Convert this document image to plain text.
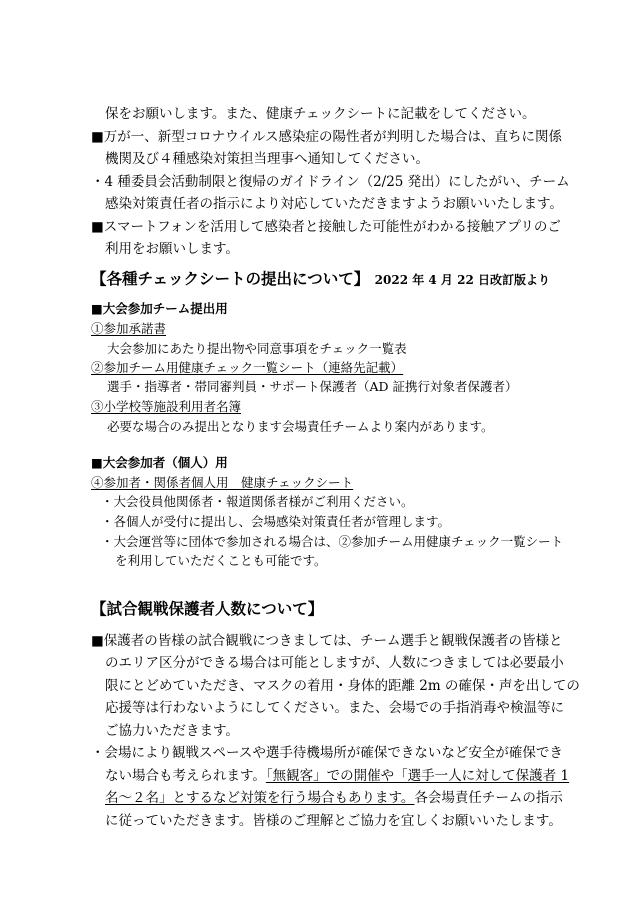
保をお願いします。また、健康チェックシートに記載をしてください。
■万が一、新型コロナウイルス感染症の陽性者が判明した場合は、直ちに関係
機関及び４種感染対策担当理事へ通知してください。
・4 種委員会活動制限と復帰のガイドライン（2/25 発出）にしたがい、チーム
感染対策責任者の指示により対応していただきますようお願いいたします。
■スマートフォンを活用して感染者と接触した可能性がわかる接触アプリのご
利用をお願いします。
【各種チェックシートの提出について】 2022 年 4 月 22 日改訂版より
■大会参加チーム提出用
①参加承諾書
大会参加にあたり提出物や同意事項をチェック一覧表
②参加チーム用健康チェック一覧シート（連絡先記載）
選手・指導者・帯同審判員・サポート保護者（AD 証携行対象者保護者）
③小学校等施設利用者名簿
必要な場合のみ提出となります会場責任チームより案内があります。
■大会参加者（個人）用
④参加者・関係者個人用　健康チェックシート
・大会役員他関係者・報道関係者様がご利用ください。
・各個人が受付に提出し、会場感染対策責任者が管理します。
・大会運営等に団体で参加される場合は、②参加チーム用健康チェック一覧シート
を利用していただくことも可能です。
【試合観戦保護者人数について】
■保護者の皆様の試合観戦につきましては、チーム選手と観戦保護者の皆様と
のエリア区分ができる場合は可能としますが、人数につきましては必要最小
限にとどめていただき、マスクの着用・身体的距離 2m の確保・声を出しての
応援等は行わないようにしてください。また、会場での手指消毒や検温等に
ご協力いただきます。
・会場により観戦スペースや選手待機場所が確保できないなど安全が確保でき
ない場合も考えられます。「無観客」での開催や「選手一人に対して保護者 1
名～２名」とするなど対策を行う場合もあります。各会場責任チームの指示
に従っていただきます。皆様のご理解とご協力を宜しくお願いいたします。
